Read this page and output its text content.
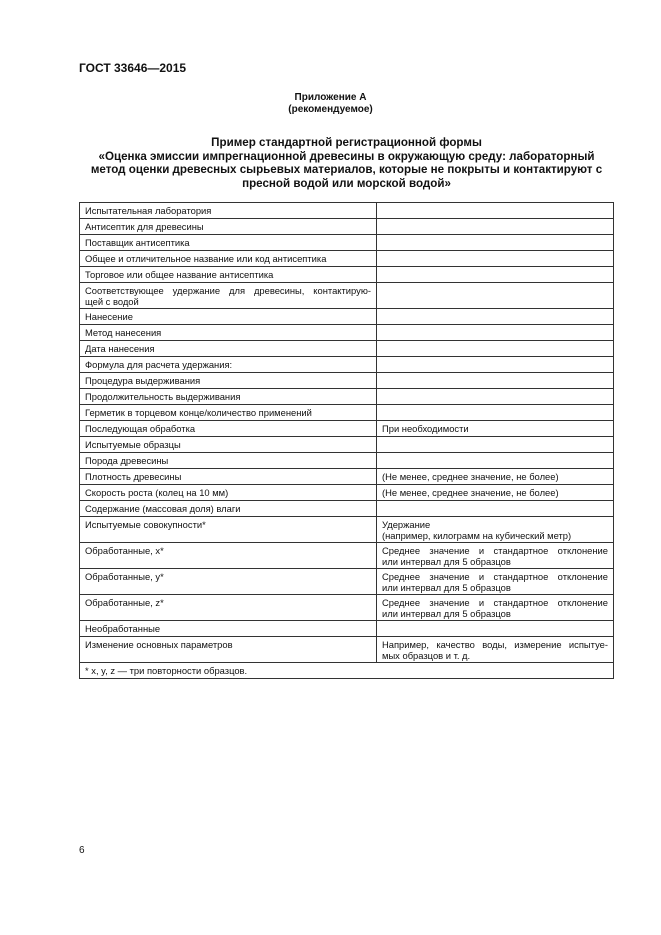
ГОСТ 33646—2015
Приложение А
(рекомендуемое)
Пример стандартной регистрационной формы
«Оценка эмиссии импрегнационной древесины в окружающую среду: лабораторный метод оценки древесных сырьевых материалов, которые не покрыты и контактируют с пресной водой или морской водой»
Испытательная лаборатория	

Антисептик для древесины	

Поставщик антисептика	

Общее и отличительное название или код антисептика	

Торговое или общее название антисептика	

Соответствующее удержание для древесины, контактирую-
щей с водой	

Нанесение	

Метод нанесения	

Дата нанесения	

Формула для расчета удержания:	

Процедура выдерживания	

Продолжительность выдерживания	

Герметик в торцевом конце/количество применений	

Последующая обработка	При необходимости

Испытуемые образцы	

Порода древесины	

Плотность древесины	(Не менее, среднее значение, не более)

Скорость роста (колец на 10 мм)	(Не менее, среднее значение, не более)

Содержание (массовая доля) влаги	

Испытуемые совокупности*	Удержание
(например, килограмм на кубический метр)

Обработанные, x*	Среднее значение и стандартное отклонение
или интервал для 5 образцов

Обработанные, y*	Среднее значение и стандартное отклонение
или интервал для 5 образцов

Обработанные, z*	Среднее значение и стандартное отклонение
или интервал для 5 образцов

Необработанные	

Изменение основных параметров	Например, качество воды, измерение испытуе-
мых образцов и т. д.

* x, y, z — три повторности образцов.	
6
